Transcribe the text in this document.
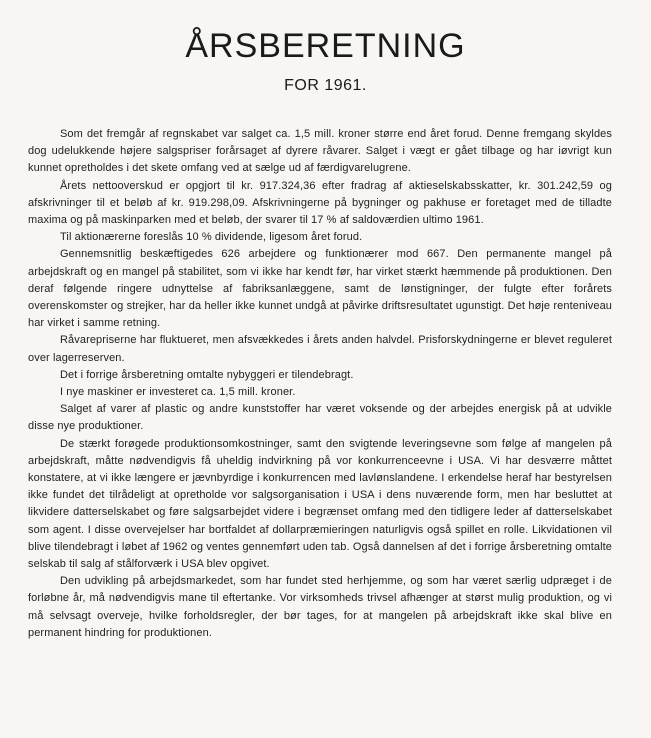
ÅRSBERETNING
FOR 1961.

Som det fremgår af regnskabet var salget ca. 1,5 mill. kroner større end året forud. Denne fremgang skyldes dog udelukkende højere salgspriser forårsaget af dyrere råvarer. Salget i vægt er gået tilbage og har iøvrigt kun kunnet opretholdes i det skete omfang ved at sælge ud af færdigvarelugrene.

Årets nettooverskud er opgjort til kr. 917.324,36 efter fradrag af aktieselskabsskatter, kr. 301.242,59 og afskrivninger til et beløb af kr. 919.298,09. Afskrivningerne på bygninger og pakhuse er foretaget med de tilladte maxima og på maskinparken med et beløb, der svarer til 17 % af saldoværdien ultimo 1961.

Til aktionærerne foreslås 10 % dividende, ligesom året forud.

Gennemsnitlig beskæftigedes 626 arbejdere og funktionærer mod 667. Den permanente mangel på arbejdskraft og en mangel på stabilitet, som vi ikke har kendt før, har virket stærkt hæmmende på produktionen. Den deraf følgende ringere udnyttelse af fabriksanlæggene, samt de lønstigninger, der fulgte efter forårets overenskomster og strejker, har da heller ikke kunnet undgå at påvirke driftsresultatet ugunstigt. Det høje renteniveau har virket i samme retning.

Råvarepriserne har fluktueret, men afsvækkedes i årets anden halvdel. Prisforskydningerne er blevet reguleret over lagerreserven.

Det i forrige årsberetning omtalte nybyggeri er tilendebragt.

I nye maskiner er investeret ca. 1,5 mill. kroner.

Salget af varer af plastic og andre kunststoffer har været voksende og der arbejdes energisk på at udvikle disse nye produktioner.

De stærkt forøgede produktionsomkostninger, samt den svigtende leveringsevne som følge af mangelen på arbejdskraft, måtte nødvendigvis få uheldig indvirkning på vor konkurrenceevne i USA. Vi har desværre måttet konstatere, at vi ikke længere er jævnbyrdige i konkurrencen med lavlønslandene. I erkendelse heraf har bestyrelsen ikke fundet det tilrådeligt at opretholde vor salgsorganisation i USA i dens nuværende form, men har besluttet at likvidere datterselskabet og føre salgsarbejdet videre i begrænset omfang med den tidligere leder af datterselskabet som agent. I disse overvejelser har bortfaldet af dollarpræmieringen naturligvis også spillet en rolle. Likvidationen vil blive tilendebragt i løbet af 1962 og ventes gennemført uden tab. Også dannelsen af det i forrige årsberetning omtalte selskab til salg af stålforværk i USA blev opgivet.

Den udvikling på arbejdsmarkedet, som har fundet sted herhjemme, og som har været særlig udpræget i de forløbne år, må nødvendigvis mane til eftertanke. Vor virksomheds trivsel afhænger at størst mulig produktion, og vi må selvsagt overveje, hvilke forholdsregler, der bør tages, for at mangelen på arbejdskraft ikke skal blive en permanent hindring for produktionen.
